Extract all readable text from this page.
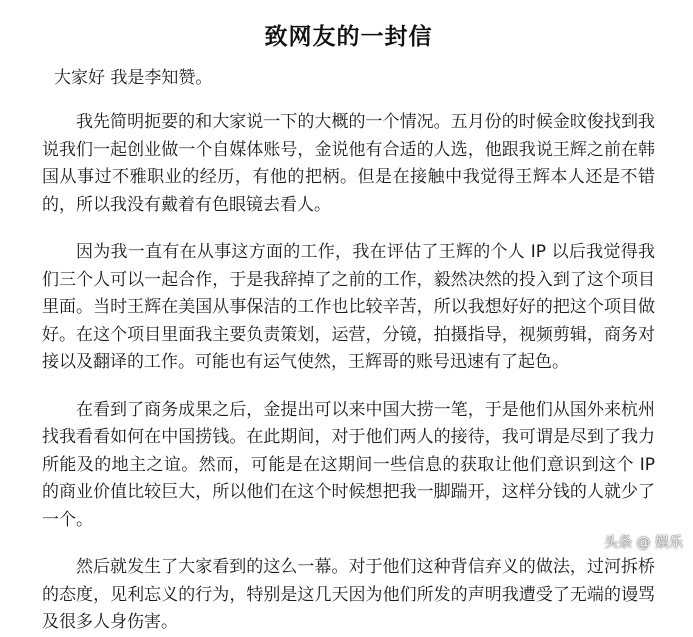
致网友的一封信
大家好 我是李知赞。

我先简明扼要的和大家说一下的大概的一个情况。五月份的时候金旼俊找到我说我们一起创业做一个自媒体账号，金说他有合适的人选，他跟我说王辉之前在韩国从事过不雅职业的经历，有他的把柄。但是在接触中我觉得王辉本人还是不错的，所以我没有戴着有色眼镜去看人。

因为我一直有在从事这方面的工作，我在评估了王辉的个人 IP 以后我觉得我们三个人可以一起合作，于是我辞掉了之前的工作，毅然决然的投入到了这个项目里面。当时王辉在美国从事保洁的工作也比较辛苦，所以我想好好的把这个项目做好。在这个项目里面我主要负责策划，运营，分镜，拍摄指导，视频剪辑，商务对接以及翻译的工作。可能也有运气使然，王辉哥的账号迅速有了起色。

在看到了商务成果之后，金提出可以来中国大捞一笔，于是他们从国外来杭州找我看看如何在中国捞钱。在此期间，对于他们两人的接待，我可谓是尽到了我力所能及的地主之谊。然而，可能是在这期间一些信息的获取让他们意识到这个 IP 的商业价值比较巨大，所以他们在这个时候想把我一脚踹开，这样分钱的人就少了一个。

然后就发生了大家看到的这么一幕。对于他们这种背信弃义的做法，过河拆桥的态度，见利忘义的行为，特别是这几天因为他们所发的声明我遭受了无端的谩骂及很多人身伤害。

头条 @ 娱乐
